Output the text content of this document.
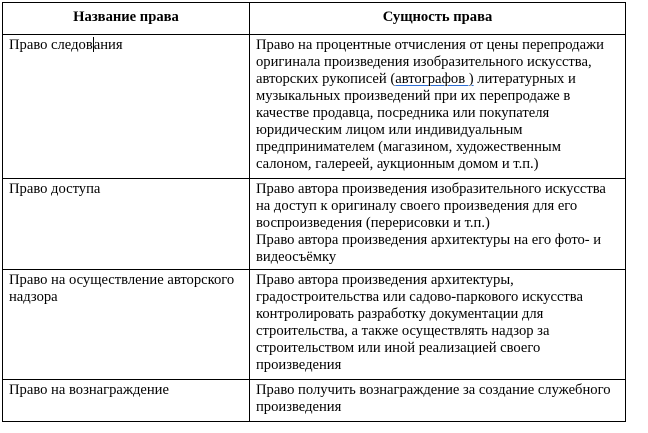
Название права	Сущность права
Право следования	Право на процентные отчисления от цены перепродажи оригинала произведения изобразительного искусства, авторских рукописей (автографов ) литературных и музыкальных произведений при их перепродаже в качестве продавца, посредника или покупателя юридическим лицом или индивидуальным предпринимателем (магазином, художественным салоном, галереей, аукционным домом и т.п.)
Право доступа	Право автора произведения изобразительного искусства на доступ к оригиналу своего произведения для его воспроизведения (перерисовки и т.п.)
Право автора произведения архитектуры на его фото- и видеосъёмку

Право на осуществление авторского надзора	Право автора произведения архитектуры, градостроительства или садово-паркового искусства контролировать разработку документации для строительства, а также осуществлять надзор за строительством или иной реализацией своего произведения
Право на вознаграждение	Право получить вознаграждение за создание служебного произведения
